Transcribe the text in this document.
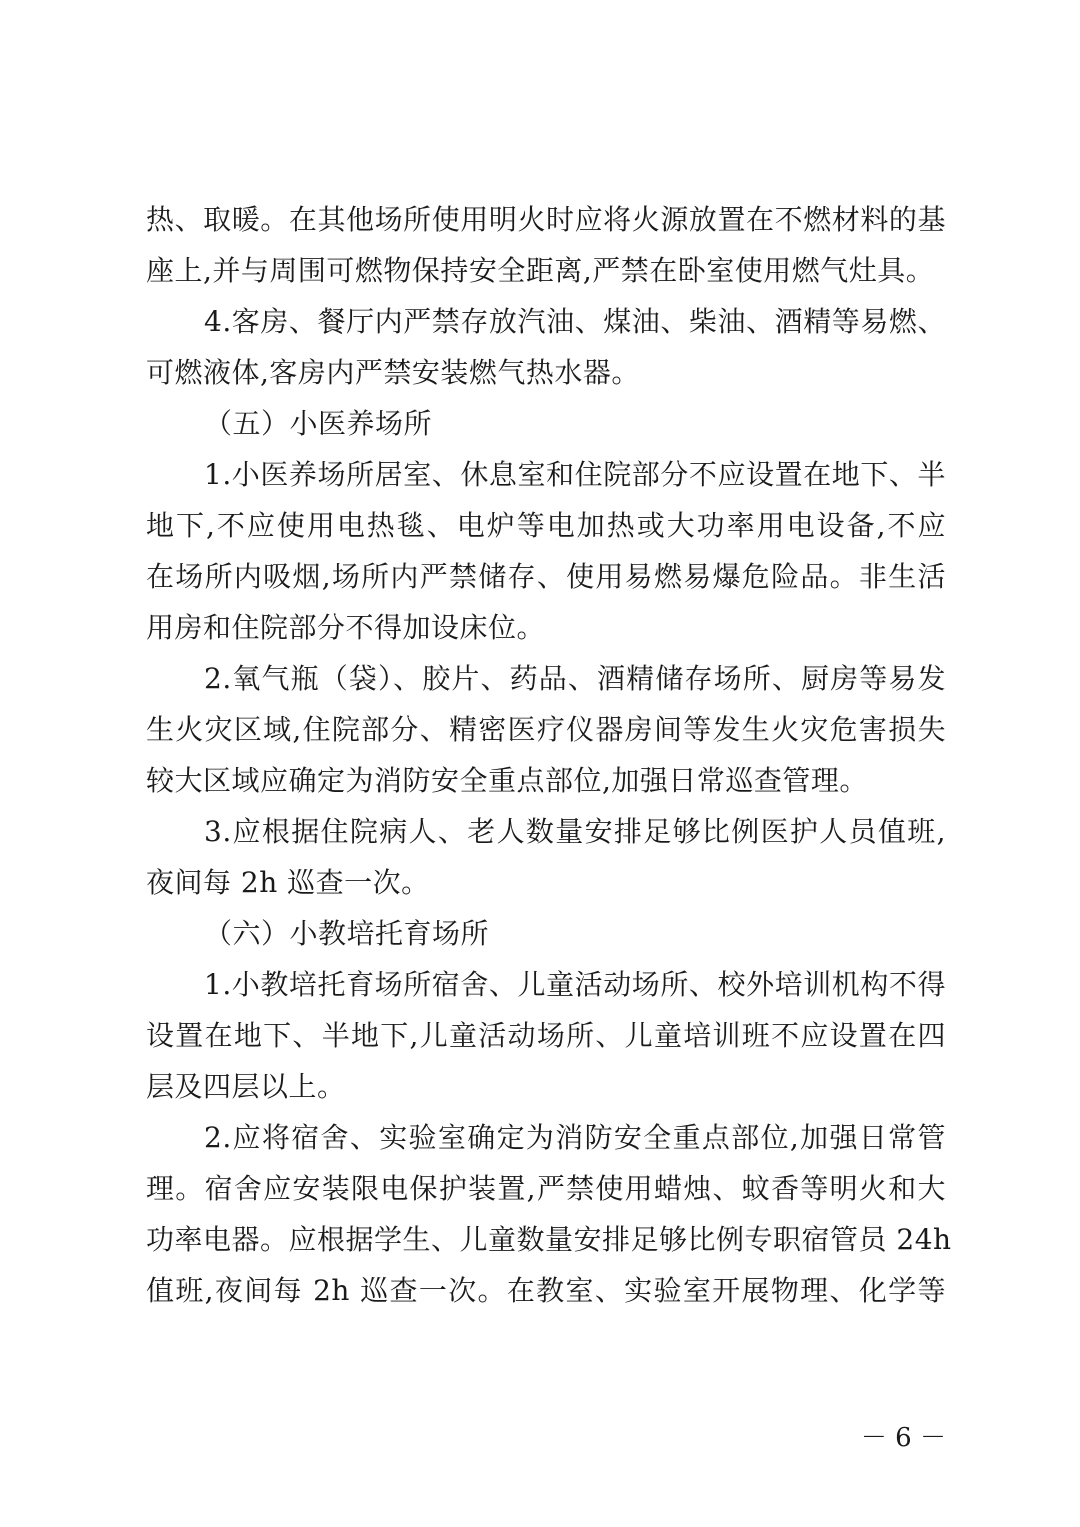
热、取暖。在其他场所使用明火时应将火源放置在不燃材料的基
座上,并与周围可燃物保持安全距离,严禁在卧室使用燃气灶具。
4.客房、餐厅内严禁存放汽油、煤油、柴油、酒精等易燃、
可燃液体,客房内严禁安装燃气热水器。
（五）小医养场所
1.小医养场所居室、休息室和住院部分不应设置在地下、半
地下,不应使用电热毯、电炉等电加热或大功率用电设备,不应
在场所内吸烟,场所内严禁储存、使用易燃易爆危险品。非生活
用房和住院部分不得加设床位。
2.氧气瓶（袋）、胶片、药品、酒精储存场所、厨房等易发
生火灾区域,住院部分、精密医疗仪器房间等发生火灾危害损失
较大区域应确定为消防安全重点部位,加强日常巡查管理。
3.应根据住院病人、老人数量安排足够比例医护人员值班,
夜间每 2h 巡查一次。
（六）小教培托育场所
1.小教培托育场所宿舍、儿童活动场所、校外培训机构不得
设置在地下、半地下,儿童活动场所、儿童培训班不应设置在四
层及四层以上。
2.应将宿舍、实验室确定为消防安全重点部位,加强日常管
理。宿舍应安装限电保护装置,严禁使用蜡烛、蚊香等明火和大
功率电器。应根据学生、儿童数量安排足够比例专职宿管员 24h
值班,夜间每 2h 巡查一次。在教室、实验室开展物理、化学等
－ 6 －
